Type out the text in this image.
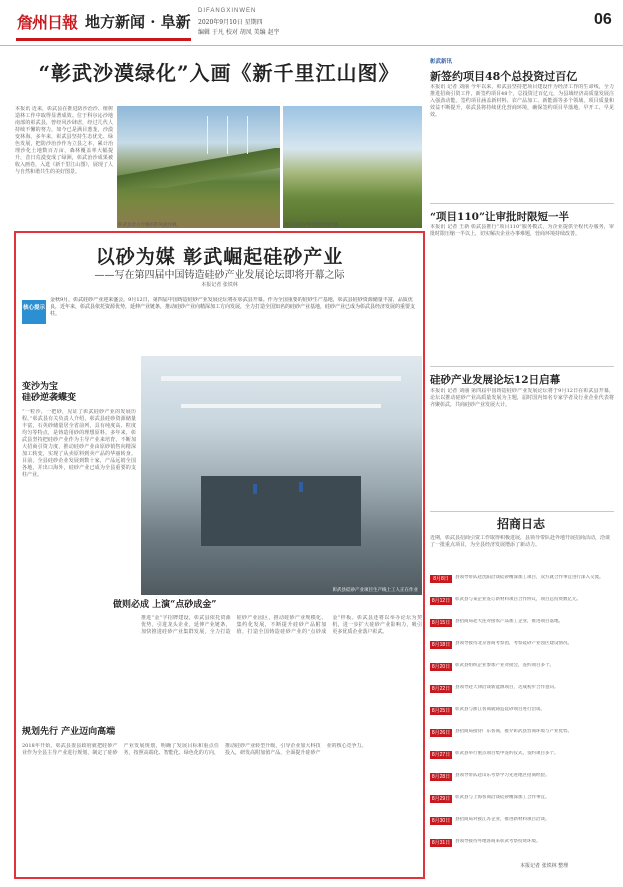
詹州日報 地方新闻 · 阜新
DIFANGXINWEN
2020年9月10日 星期四
编辑 于凡 校对 胡凤 美编 赵宇
06
“彰武沙漠绿化”入画《新千里江山图》
本报讯 近来，彰武县在推进防沙治沙、植树造林工作中取得显著成效。位于科尔沁沙地南部的彰武县，曾经风沙肆虐，经过几代人持续不懈的努力，如今已是满目葱茏，沙漠变林海。多年来，彰武县坚持生态优先、绿色发展，把防沙治沙作为立县之本，累计治理沙化土地数百万亩，森林覆盖率大幅提升，昔日荒漠变成了绿洲，彰武治沙成果被收入画卷，入选《新千里江山图》，展现了人与自然和谐共生的美好图景。
彰武县章古台镇的防风固沙林。	彰武县阿尔乡镇防风固沙林。
彰武新讯
新签约项目48个总投资过百亿
本报讯 记者 刘丽 今年以来，彰武县坚持把项目建设作为经济工作的生命线，全力推进招商引资工作，新签约项目48个，总投资过百亿元，为县域经济高质量发展注入强劲动能。签约项目涵盖新材料、农产品加工、新能源等多个领域，项目质量和效益不断提升，彰武县将持续优化营商环境，确保签约项目早落地、早开工、早见效。
“项目110”让审批时限短一半
本报讯 记者 王新 彰武县推行“项目110”服务模式，为企业提供全程代办服务，审批时限压缩一半以上，切实解决企业办事难题，营商环境持续改善。
硅砂产业发展论坛12日启幕
本报讯 记者 刘丽 第四届中国铸造硅砂产业发展论坛将于9月12日在彰武县开幕，论坛以推动硅砂产业高质量发展为主题，届时国内知名专家学者及行业企业代表将齐聚彰武，共商硅砂产业发展大计。
以砂为媒 彰武崛起硅砂产业
——写在第四届中国铸造硅砂产业发展论坛即将开幕之际
本报记者 张铁林
核心提示
金秋9月，彰武硅砂产业迎来盛会。9月12日，第四届中国铸造硅砂产业发展论坛将在彰武县开幕。作为全国重要的硅砂生产基地，彰武县硅砂资源储量丰富，品质优良，近年来，彰武县依托资源优势，延伸产业链条，推动硅砂产业向精深加工方向发展，全力打造全国知名的硅砂产业基地，硅砂产业已成为彰武县经济发展的重要支柱。
变沙为宝
硅砂逆袭蝶变
“一粒沙、一把砂，见证了彰武硅砂产业的发展历程。”彰武县有关负责人介绍，彰武县硅砂资源储量丰富，石英砂储量居全省前列，具有纯度高、粒度均匀等特点，是铸造用砂的理想原料。多年来，彰武县坚持把硅砂产业作为主导产业来培育，不断加大招商引资力度，推动硅砂产业由原砂销售向精深加工转变，实现了从卖原料到卖产品的华丽转身。目前，全县硅砂企业发展到数十家，产品远销全国各地，并出口海外，硅砂产业已成为全县重要的支柱产业。
彰武县硅砂产业项目生产线上工人正在作业
做则必成 上演“点砂成金”
推进“金”字招牌建设，彰武县依托资源优势，引进龙头企业，延伸产业链条，加快推进硅砂产业集群发展，全力打造硅砂产业园区，推动硅砂产业规模化、集约化发展，不断提升硅砂产品附加值，打造全国铸造硅砂产业的“点砂成金”样板。彰武县还将以举办论坛为契机，进一步扩大硅砂产业影响力，吸引更多优质企业落户彰武。
规划先行 产业迈向高端
2018年开始，彰武县委县政府就把硅砂产业作为全县主导产业进行规划，制定了硅砂产业发展规划，明确了发展目标和重点任务，按照高端化、智能化、绿色化的方向，推动硅砂产业转型升级，引导企业加大科技投入，研发高附加值产品，全面提升硅砂产业的核心竞争力。
招商日志
近期，彰武县招商引资工作取得积极进展，县领导带队赴外地开展招商活动，洽谈了一批重点项目，为全县经济发展增添了新动力。
8月8日	县领导带队赴沈阳洽谈硅砂精深加工项目，双方就合作事宜进行深入交流。
8月12日	彰武县与某企业签订新材料项目合作协议，项目总投资数亿元。
8月15日	县招商局赴大连对接农产品加工企业，推进项目落地。
8月18日	县领导接待北京客商考察团，考察硅砂产业园区建设情况。
8月20日	彰武县组织企业参加产业对接会，签约项目多个。
8月22日	县领导赴天津洽谈新能源项目，达成初步合作意向。
8月25日	彰武县与浙江客商就铸造硅砂项目进行洽谈。
8月26日	县招商局接待广东客商，推介彰武县营商环境与产业优势。
8月27日	彰武县举行重点项目集中签约仪式，签约项目多个。
8月28日	县领导带队赴山东考察学习先进地区招商经验。
8月29日	彰武县与上海客商洽谈硅砂精深加工合作事宜。
8月30日	县招商局对接江苏企业，推进新材料项目洽谈。
8月31日	县领导接待外地客商来彰武考察投资环境。
本报记者 张铁林 整理
